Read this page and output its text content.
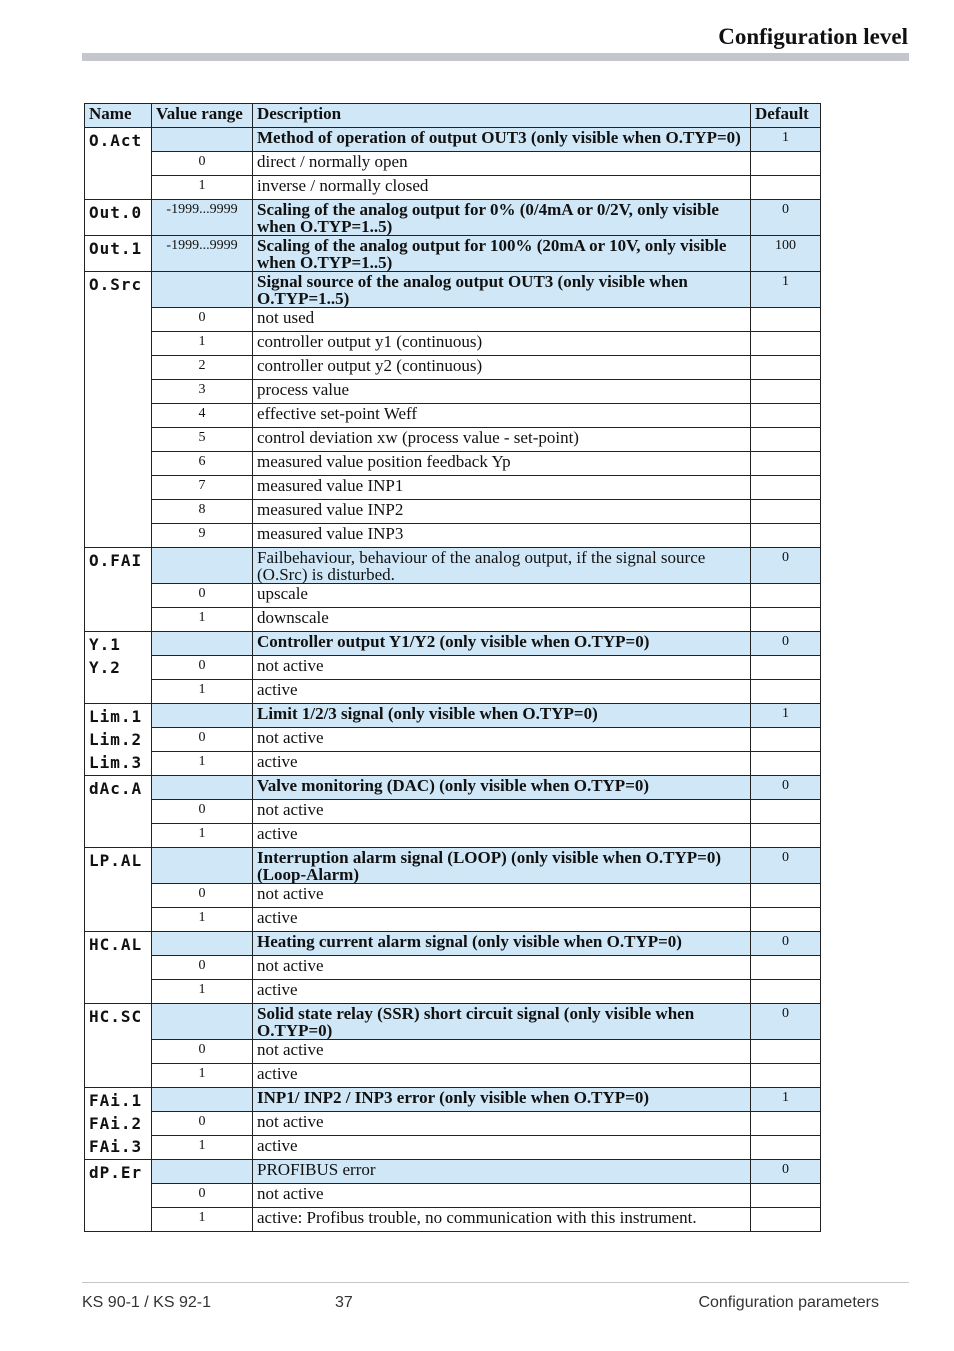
Configuration level
Name	Value range	Description	Default

O.Act		Method of operation of output OUT3 (only visible when O.TYP=0)	1
	0	direct / normally open	
	1	inverse / normally closed	

Out.0	-1999...9999	Scaling of the analog output for 0% (0/4mA or 0/2V, only visible when O.TYP=1..5)	0

Out.1	-1999...9999	Scaling of the analog output for 100% (20mA or 10V, only visible when O.TYP=1..5)	100

O.Src		Signal source of the analog output OUT3 (only visible when O.TYP=1..5)	1
	0	not used	
	1	controller output y1 (continuous)	
	2	controller output y2 (continuous)	
	3	process value	
	4	effective set-point Weff	
	5	control deviation xw (process value - set-point)	
	6	measured value position feedback Yp	
	7	measured value INP1	
	8	measured value INP2	
	9	measured value INP3	

O.FAI		Failbehaviour, behaviour of the analog output, if the signal source (O.Src) is disturbed.	0
	0	upscale	
	1	downscale	

Y.1
Y.2		Controller output Y1/Y2 (only visible when O.TYP=0)	0
	0	not active	
	1	active	

Lim.1
Lim.2
Lim.3		Limit 1/2/3 signal (only visible when O.TYP=0)	1
	0	not active	
	1	active	

dAc.A		Valve monitoring (DAC) (only visible when O.TYP=0)	0
	0	not active	
	1	active	

LP.AL		Interruption alarm signal (LOOP) (only visible when O.TYP=0) (Loop-Alarm)	0
	0	not active	
	1	active	

HC.AL		Heating current alarm signal (only visible when O.TYP=0)	0
	0	not active	
	1	active	

HC.SC		Solid state relay (SSR) short circuit signal (only visible when O.TYP=0)	0
	0	not active	
	1	active	

FAi.1
FAi.2
FAi.3		INP1/ INP2 / INP3 error (only visible when O.TYP=0)	1
	0	not active	
	1	active	

dP.Er		PROFIBUS error	0
	0	not active	
	1	active: Profibus trouble, no communication with this instrument.	
KS 90-1 / KS 92-1	37	Configuration parameters
